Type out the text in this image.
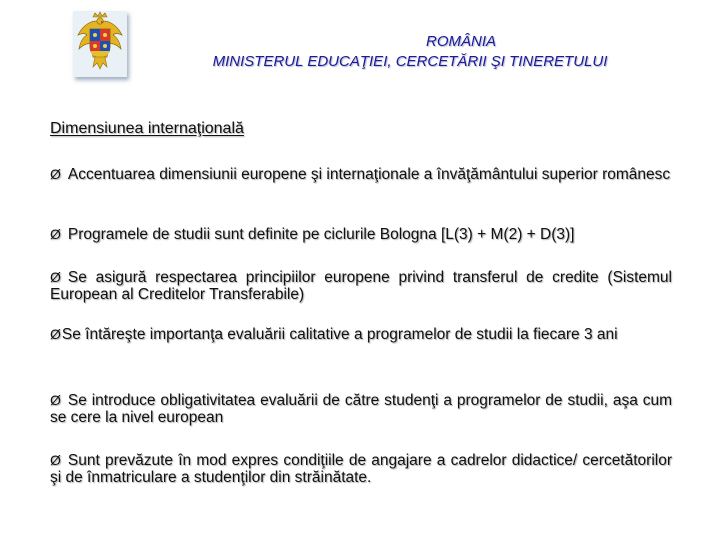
ROMÂNIA
MINISTERUL EDUCAŢIEI, CERCETĂRII ŞI TINERETULUI
Dimensiunea internaţională
Ø Accentuarea dimensiunii europene şi internaţionale a învăţământului superior românesc
Ø Programele de studii sunt definite pe ciclurile Bologna [L(3) + M(2) + D(3)]
Ø Se asigură respectarea principiilor europene privind transferul de credite (Sistemul European al Creditelor Transferabile)
ØSe întăreşte importanţa evaluării calitative a programelor de studii la fiecare 3 ani
Ø Se introduce obligativitatea evaluării de către studenţi a programelor de studii, aşa cum se cere la nivel european
Ø Sunt prevăzute în mod expres condiţiile de angajare a cadrelor didactice/ cercetătorilor şi de înmatriculare a studenţilor din străinătate.
